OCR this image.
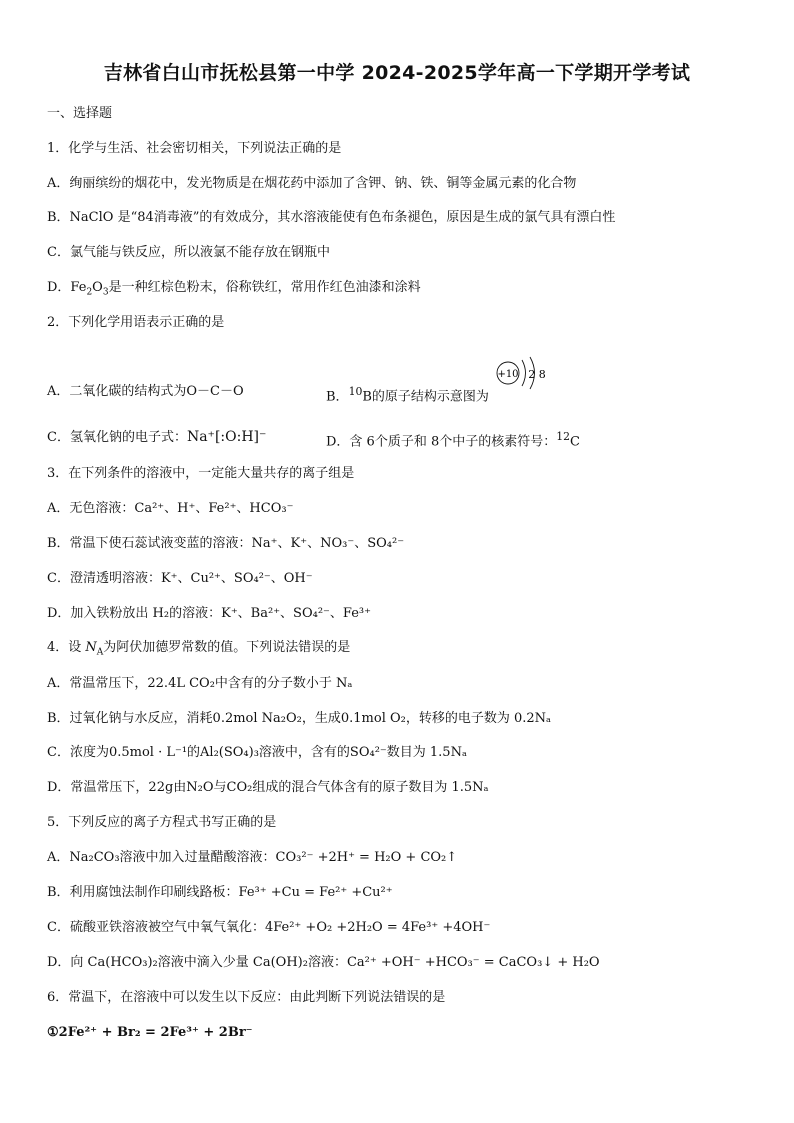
吉林省白山市抚松县第一中学 2024-2025学年高一下学期开学考试
一、选择题
1．化学与生活、社会密切相关，下列说法正确的是
A．绚丽缤纷的烟花中，发光物质是在烟花药中添加了含钾、钠、铁、铜等金属元素的化合物
B．NaClO 是“84消毒液”的有效成分，其水溶液能使有色布条褪色，原因是生成的氯气具有漂白性
C．氯气能与铁反应，所以液氯不能存放在钢瓶中
D．$Fe_2O_3$是一种红棕色粉末，俗称铁红，常用作红色油漆和涂料
2．下列化学用语表示正确的是
A．二氧化碳的结构式为O－C－O	B．$^{10}$B的原子结构示意图为
+10 2 8
C．氢氧化钠的电子式：Na⁺[:O:H]⁻	D．含 6个质子和 8个中子的核素符号：$^{12}$C
3．在下列条件的溶液中，一定能大量共存的离子组是
A．无色溶液：Ca²⁺、H⁺、Fe²⁺、HCO₃⁻
B．常温下使石蕊试液变蓝的溶液：Na⁺、K⁺、NO₃⁻、SO₄²⁻
C．澄清透明溶液：K⁺、Cu²⁺、SO₄²⁻、OH⁻
D．加入铁粉放出 H₂的溶液：K⁺、Ba²⁺、SO₄²⁻、Fe³⁺
4．设 $N_A$为阿伏加德罗常数的值。下列说法错误的是
A．常温常压下，22.4L CO₂中含有的分子数小于 Nₐ
B．过氧化钠与水反应，消耗0.2mol Na₂O₂，生成0.1mol O₂，转移的电子数为 0.2Nₐ
C．浓度为0.5mol · L⁻¹的Al₂(SO₄)₃溶液中，含有的SO₄²⁻数目为 1.5Nₐ
D．常温常压下，22g由N₂O与CO₂组成的混合气体含有的原子数目为 1.5Nₐ
5．下列反应的离子方程式书写正确的是
A．Na₂CO₃溶液中加入过量醋酸溶液：CO₃²⁻ +2H⁺ = H₂O + CO₂↑
B．利用腐蚀法制作印刷线路板：Fe³⁺ +Cu = Fe²⁺ +Cu²⁺
C．硫酸亚铁溶液被空气中氧气氧化：4Fe²⁺ +O₂ +2H₂O = 4Fe³⁺ +4OH⁻
D．向 Ca(HCO₃)₂溶液中滴入少量 Ca(OH)₂溶液：Ca²⁺ +OH⁻ +HCO₃⁻ = CaCO₃↓ + H₂O
6．常温下，在溶液中可以发生以下反应：由此判断下列说法错误的是
①2Fe²⁺ + Br₂ = 2Fe³⁺ + 2Br⁻
